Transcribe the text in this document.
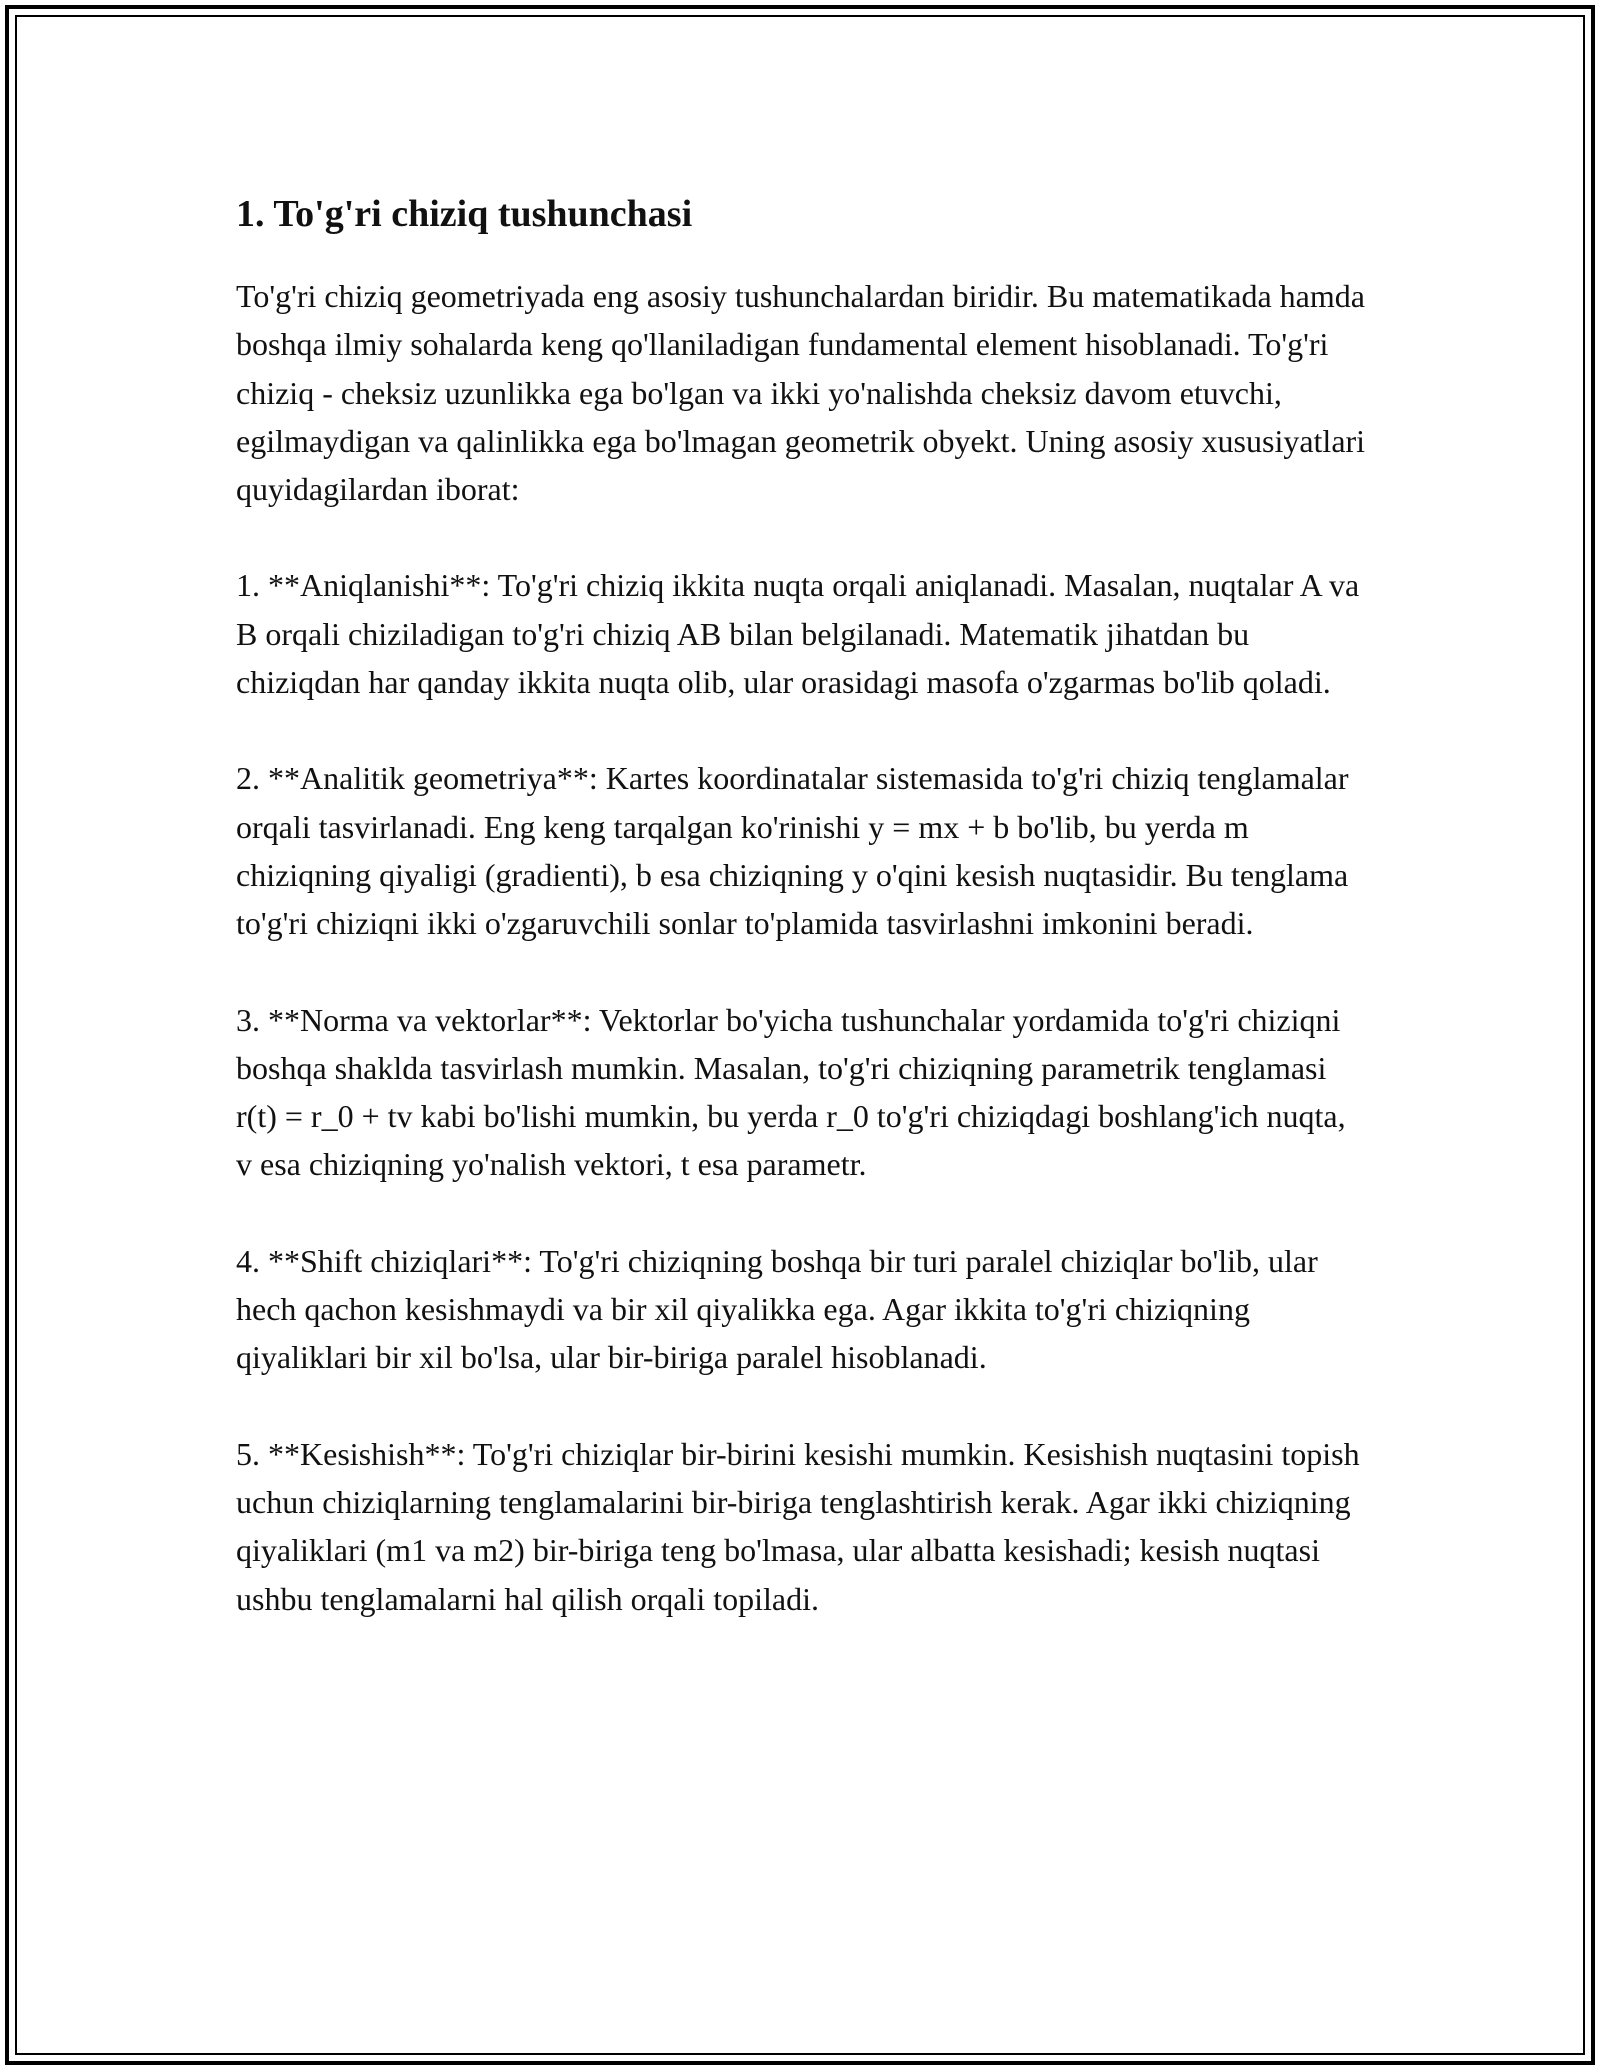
1. To'g'ri chiziq tushunchasi

To'g'ri chiziq geometriyada eng asosiy tushunchalardan biridir. Bu matematikada hamda boshqa ilmiy sohalarda keng qo'llaniladigan fundamental element hisoblanadi. To'g'ri chiziq - cheksiz uzunlikka ega bo'lgan va ikki yo'nalishda cheksiz davom etuvchi, egilmaydigan va qalinlikka ega bo'lmagan geometrik obyekt. Uning asosiy xususiyatlari quyidagilardan iborat:

1. **Aniqlanishi**: To'g'ri chiziq ikkita nuqta orqali aniqlanadi. Masalan, nuqtalar A va B orqali chiziladigan to'g'ri chiziq AB bilan belgilanadi. Matematik jihatdan bu chiziqdan har qanday ikkita nuqta olib, ular orasidagi masofa o'zgarmas bo'lib qoladi.

2. **Analitik geometriya**: Kartes koordinatalar sistemasida to'g'ri chiziq tenglamalar orqali tasvirlanadi. Eng keng tarqalgan ko'rinishi y = mx + b bo'lib, bu yerda m chiziqning qiyaligi (gradienti), b esa chiziqning y o'qini kesish nuqtasidir. Bu tenglama to'g'ri chiziqni ikki o'zgaruvchili sonlar to'plamida tasvirlashni imkonini beradi.

3. **Norma va vektorlar**: Vektorlar bo'yicha tushunchalar yordamida to'g'ri chiziqni boshqa shaklda tasvirlash mumkin. Masalan, to'g'ri chiziqning parametrik tenglamasi r(t) = r_0 + tv kabi bo'lishi mumkin, bu yerda r_0 to'g'ri chiziqdagi boshlang'ich nuqta, v esa chiziqning yo'nalish vektori, t esa parametr.

4. **Shift chiziqlari**: To'g'ri chiziqning boshqa bir turi paralel chiziqlar bo'lib, ular hech qachon kesishmaydi va bir xil qiyalikka ega. Agar ikkita to'g'ri chiziqning qiyaliklari bir xil bo'lsa, ular bir-biriga paralel hisoblanadi.

5. **Kesishish**: To'g'ri chiziqlar bir-birini kesishi mumkin. Kesishish nuqtasini topish uchun chiziqlarning tenglamalarini bir-biriga tenglashtirish kerak. Agar ikki chiziqning qiyaliklari (m1 va m2) bir-biriga teng bo'lmasa, ular albatta kesishadi; kesish nuqtasi ushbu tenglamalarni hal qilish orqali topiladi.
